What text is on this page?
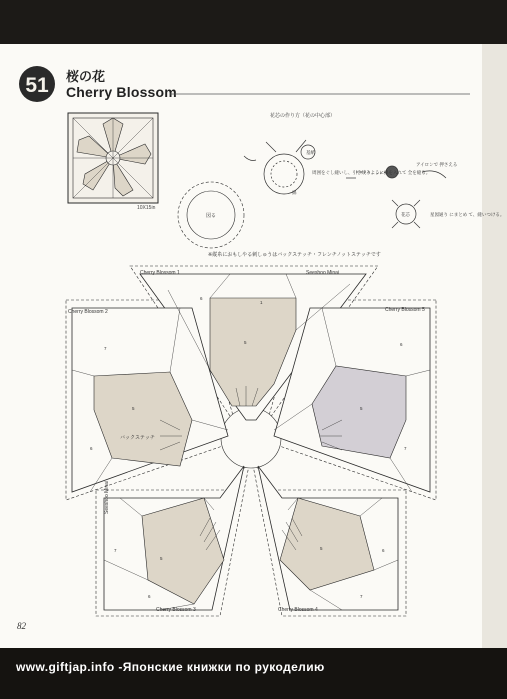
51 桜の花
Cherry Blossom
10X15in
図る
花芯の作り方（花の中心部）
基紙
綿
周囲をぐし縫いし、引き絞るように綿を入れて 全を縫る。
アイロンで 押さえる
花芯	星図通り にまとめ て、縫いつける。
※縦糸におもしやる刺しゅうはバックステッチ・フレンチノットステッチです
5
6
1
7
6
5
6
7
5
7
5
6
6
5
7
Cherry Blossom 1	Seeshoo Minai
Cherry Blossom 2
バックステッチ
Cherry Blossom 5
Seeshoo Minai
Cherry Blossom 3	Cherry Blossom 4
82
www.giftjap.info -Японские книжки по рукоделию
